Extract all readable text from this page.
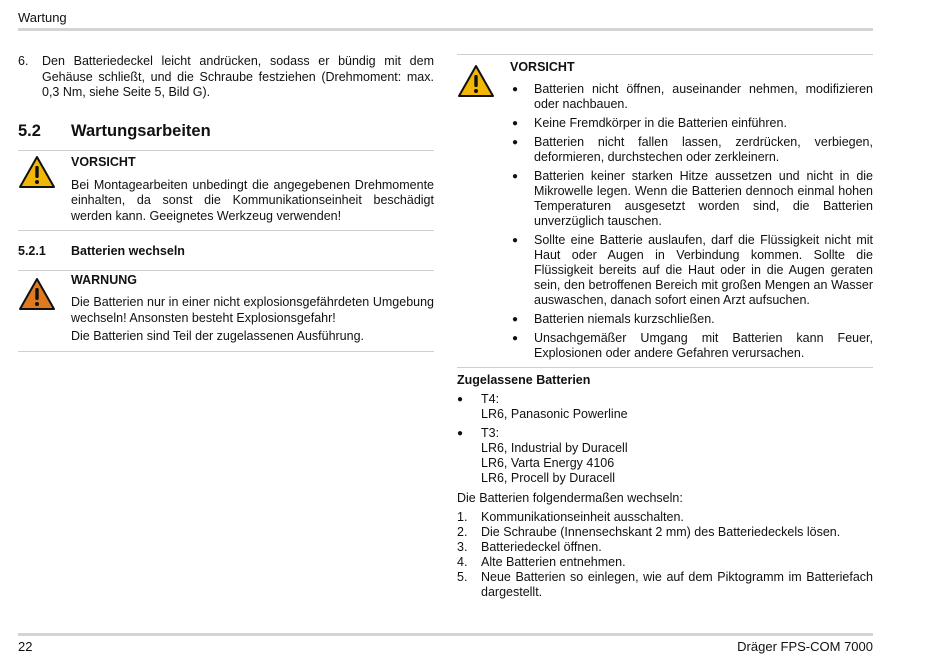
Wartung
6.	Den Batteriedeckel leicht andrücken, sodass er bündig mit dem Gehäuse schließt, und die Schraube festziehen (Drehmoment: max. 0,3 Nm, siehe Seite 5, Bild G).
5.2	Wartungsarbeiten
VORSICHT
Bei Montagearbeiten unbedingt die angegebenen Drehmomente einhalten, da sonst die Kommunikationseinheit beschädigt werden kann. Geeignetes Werkzeug verwenden!
5.2.1	Batterien wechseln
WARNUNG
Die Batterien nur in einer nicht explosionsgefährdeten Umgebung wechseln! Ansonsten besteht Explosionsgefahr!
Die Batterien sind Teil der zugelassenen Ausführung.
VORSICHT
●	Batterien nicht öffnen, auseinander nehmen, modifizieren oder nachbauen.
●	Keine Fremdkörper in die Batterien einführen.
●	Batterien nicht fallen lassen, zerdrücken, verbiegen, deformieren, durchstechen oder zerkleinern.
●	Batterien keiner starken Hitze aussetzen und nicht in die Mikrowelle legen. Wenn die Batterien dennoch einmal hohen Temperaturen ausgesetzt worden sind, die Batterien unverzüglich tauschen.
●	Sollte eine Batterie auslaufen, darf die Flüssigkeit nicht mit Haut oder Augen in Verbindung kommen. Sollte die Flüssigkeit bereits auf die Haut oder in die Augen geraten sein, den betroffenen Bereich mit großen Mengen an Wasser auswaschen, danach sofort einen Arzt aufsuchen.
●	Batterien niemals kurzschließen.
●	Unsachgemäßer Umgang mit Batterien kann Feuer, Explosionen oder andere Gefahren verursachen.
Zugelassene Batterien
●	T4:
LR6, Panasonic Powerline
●	T3:
LR6, Industrial by Duracell
LR6, Varta Energy 4106
LR6, Procell by Duracell
Die Batterien folgendermaßen wechseln:
1.	Kommunikationseinheit ausschalten.
2.	Die Schraube (Innensechskant 2 mm) des Batteriedeckels lösen.
3.	Batteriedeckel öffnen.
4.	Alte Batterien entnehmen.
5.	Neue Batterien so einlegen, wie auf dem Piktogramm im Batteriefach dargestellt.
22	Dräger FPS-COM 7000
